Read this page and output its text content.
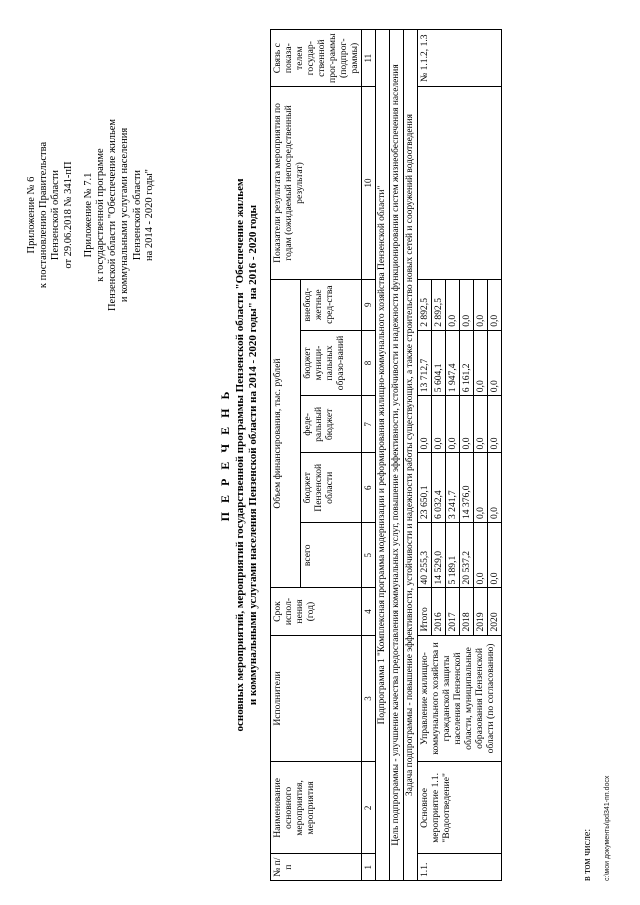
Приложение № 6 к постановлению Правительства Пензенской области от 29.06.2018 № 341-пП Приложение № 7.1 к государственной программе Пензенской области "Обеспечение жильем и коммунальными услугами населения Пензенской области на 2014 - 2020 годы"
П Е Р Е Ч Е Н Ь основных мероприятий, мероприятий государственной программы Пензенской области "Обеспечение жильем и коммунальными услугами населения Пензенской области на 2014 - 2020 годы" на 2016 - 2020 годы
№ п/п	Наименование основного мероприятия, мероприятия	Исполнители	Срок испол-нения (год)	Объем финансирования, тыс. рублей					Показатели результата мероприятия по годам (ожидаемый непосредственный результат)	Связь с показа-телем государ-ственной прог-раммы (подпрог-раммы)
				всего	бюджет Пензенской области	феде-ральный бюджет	бюджет муници-пальных образо-ваний	внебюд-жетные сред-ства		
1	2	3	4	5	6	7	8	9	10	11
Подпрограмма 1 "Комплексная программа модернизации и реформирования жилищно-коммунального хозяйства Пензенской области"										
Цель подпрограммы - улучшение качества предоставления коммунальных услуг, повышение эффективности, устойчивости и надежности функционирования систем жизнеобеспечения населения										
Задача подпрограммы - повышение эффективности, устойчивости и надежности работы существующих, а также строительство новых сетей и сооружений водоотведения										
1.1.	Основное мероприятие 1.1. "Водоотведение"	Управление жилищно-коммунального хозяйства и гражданской защиты населения Пензенской области, муниципальные образования Пензенской области (по согласованию)	Итого	40 255,3	23 650,1	0,0	13 712,7	2 892,5		№ 1.1.2, 1.3
			2016	14 529,0	6 032,4	0,0	5 604,1	2 892,5		
			2017	5 189,1	3 241,7	0,0	1 947,4	0,0		
			2018	20 537,2	14 376,0	0,0	6 161,2	0,0		
			2019	0,0	0,0	0,0	0,0	0,0		
			2020	0,0	0,0	0,0	0,0	0,0		
в том числе: c:\мои документы\pd341-пп.docx
